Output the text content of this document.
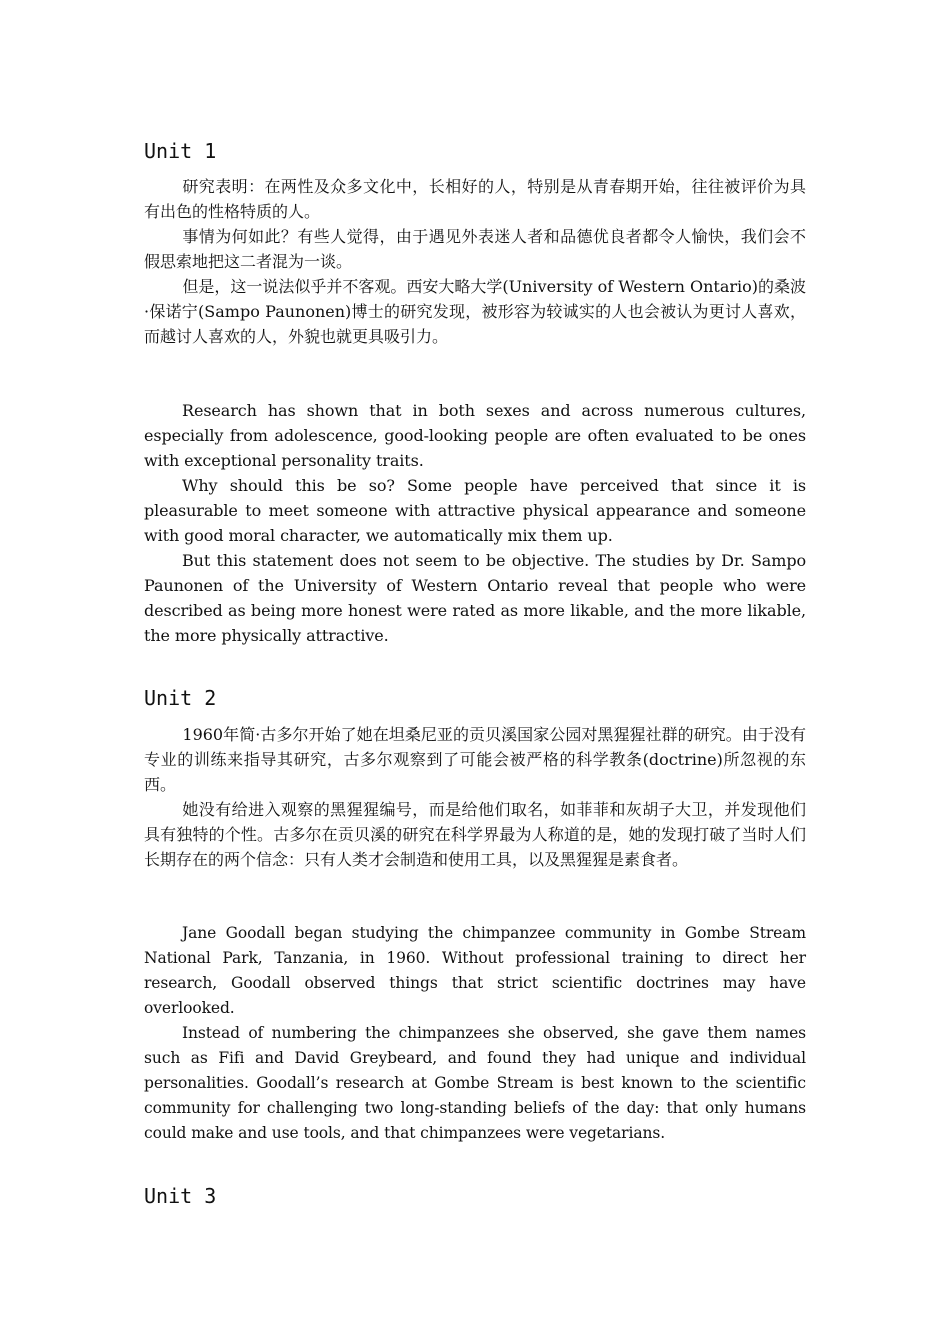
Unit 1

研究表明：在两性及众多文化中，长相好的人，特别是从青春期开始，往往被评价为具有出色的性格特质的人。

事情为何如此？有些人觉得，由于遇见外表迷人者和品德优良者都令人愉快，我们会不假思索地把这二者混为一谈。

但是，这一说法似乎并不客观。西安大略大学(University of Western Ontario)的桑波·保诺宁(Sampo Paunonen)博士的研究发现，被形容为较诚实的人也会被认为更讨人喜欢，而越讨人喜欢的人，外貌也就更具吸引力。

Research has shown that in both sexes and across numerous cultures, especially from adolescence, good-looking people are often evaluated to be ones with exceptional personality traits.

Why should this be so? Some people have perceived that since it is pleasurable to meet someone with attractive physical appearance and someone with good moral character, we automatically mix them up.

But this statement does not seem to be objective. The studies by Dr. Sampo Paunonen of the University of Western Ontario reveal that people who were described as being more honest were rated as more likable, and the more likable, the more physically attractive.

Unit 2

1960年简·古多尔开始了她在坦桑尼亚的贡贝溪国家公园对黑猩猩社群的研究。由于没有专业的训练来指导其研究，古多尔观察到了可能会被严格的科学教条(doctrine)所忽视的东西。

她没有给进入观察的黑猩猩编号，而是给他们取名，如菲菲和灰胡子大卫，并发现他们具有独特的个性。古多尔在贡贝溪的研究在科学界最为人称道的是，她的发现打破了当时人们长期存在的两个信念：只有人类才会制造和使用工具，以及黑猩猩是素食者。

Jane Goodall began studying the chimpanzee community in Gombe Stream National Park, Tanzania, in 1960. Without professional training to direct her research, Goodall observed things that strict scientific doctrines may have overlooked.

Instead of numbering the chimpanzees she observed, she gave them names such as Fifi and David Greybeard, and found they had unique and individual personalities. Goodall’s research at Gombe Stream is best known to the scientific community for challenging two long-standing beliefs of the day: that only humans could make and use tools, and that chimpanzees were vegetarians.

Unit 3
